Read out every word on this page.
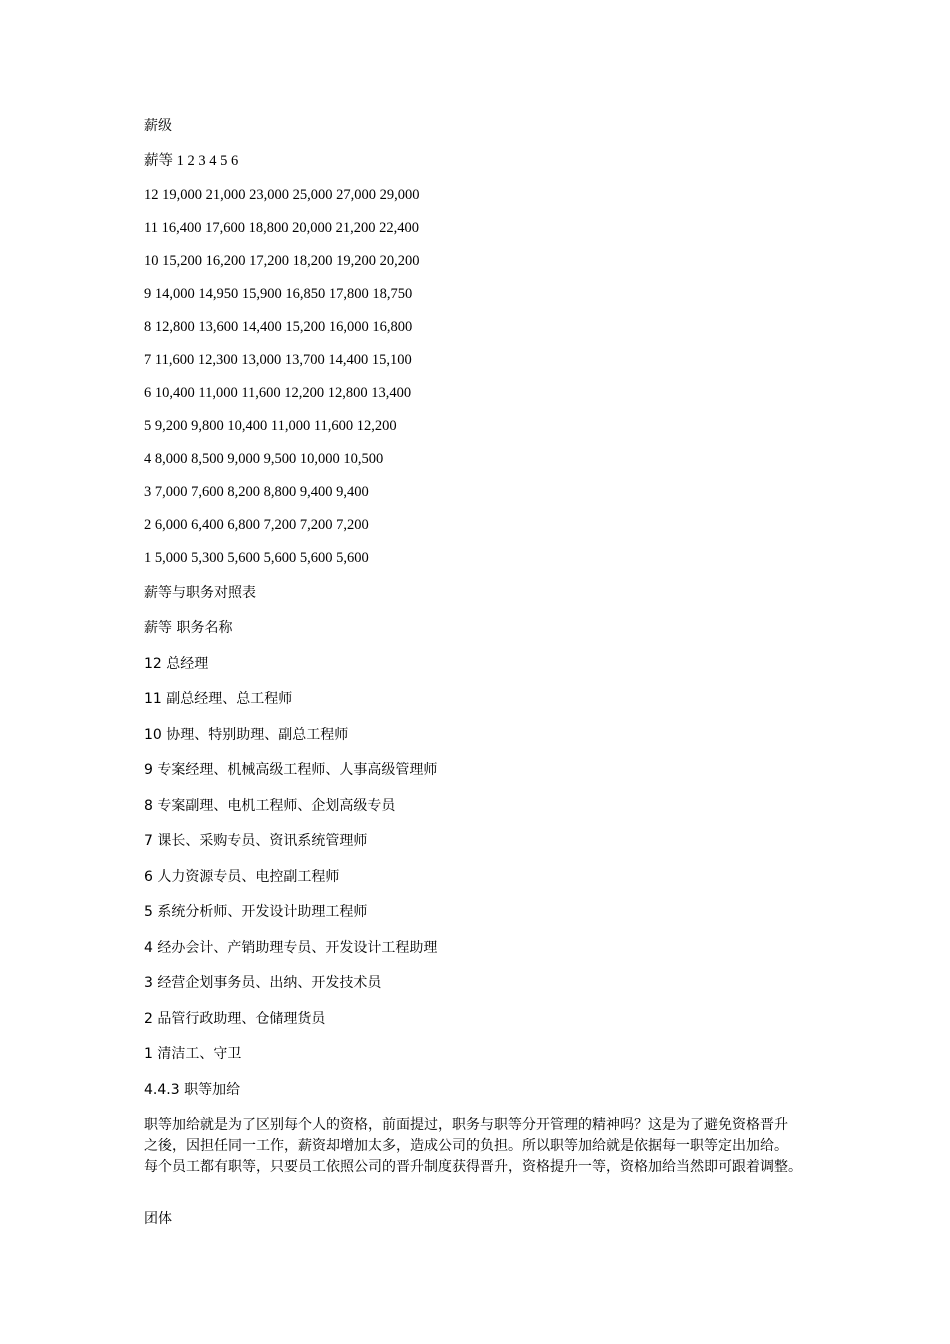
薪级
薪等 1 2 3 4 5 6
12 19,000 21,000 23,000 25,000 27,000 29,000
11 16,400 17,600 18,800 20,000 21,200 22,400
10 15,200 16,200 17,200 18,200 19,200 20,200
9 14,000 14,950 15,900 16,850 17,800 18,750
8 12,800 13,600 14,400 15,200 16,000 16,800
7 11,600 12,300 13,000 13,700 14,400 15,100
6 10,400 11,000 11,600 12,200 12,800 13,400
5 9,200 9,800 10,400 11,000 11,600 12,200
4 8,000 8,500 9,000 9,500 10,000 10,500
3 7,000 7,600 8,200 8,800 9,400 9,400
2 6,000 6,400 6,800 7,200 7,200 7,200
1 5,000 5,300 5,600 5,600 5,600 5,600
薪等与职务对照表
薪等 职务名称
12 总经理
11 副总经理、总工程师
10 协理、特别助理、副总工程师
9 专案经理、机械高级工程师、人事高级管理师
8 专案副理、电机工程师、企划高级专员
7 课长、采购专员、资讯系统管理师
6 人力资源专员、电控副工程师
5 系统分析师、开发设计助理工程师
4 经办会计、产销助理专员、开发设计工程助理
3 经营企划事务员、出纳、开发技术员
2 品管行政助理、仓储理货员
1 清洁工、守卫
4.4.3 职等加给
职等加给就是为了区别每个人的资格，前面提过，职务与职等分开管理的精神吗？这是为了避免资格晋升
之後，因担任同一工作，薪资却增加太多，造成公司的负担。所以职等加给就是依据每一职等定出加给。
每个员工都有职等，只要员工依照公司的晋升制度获得晋升，资格提升一等，资格加给当然即可跟着调整。
团体
